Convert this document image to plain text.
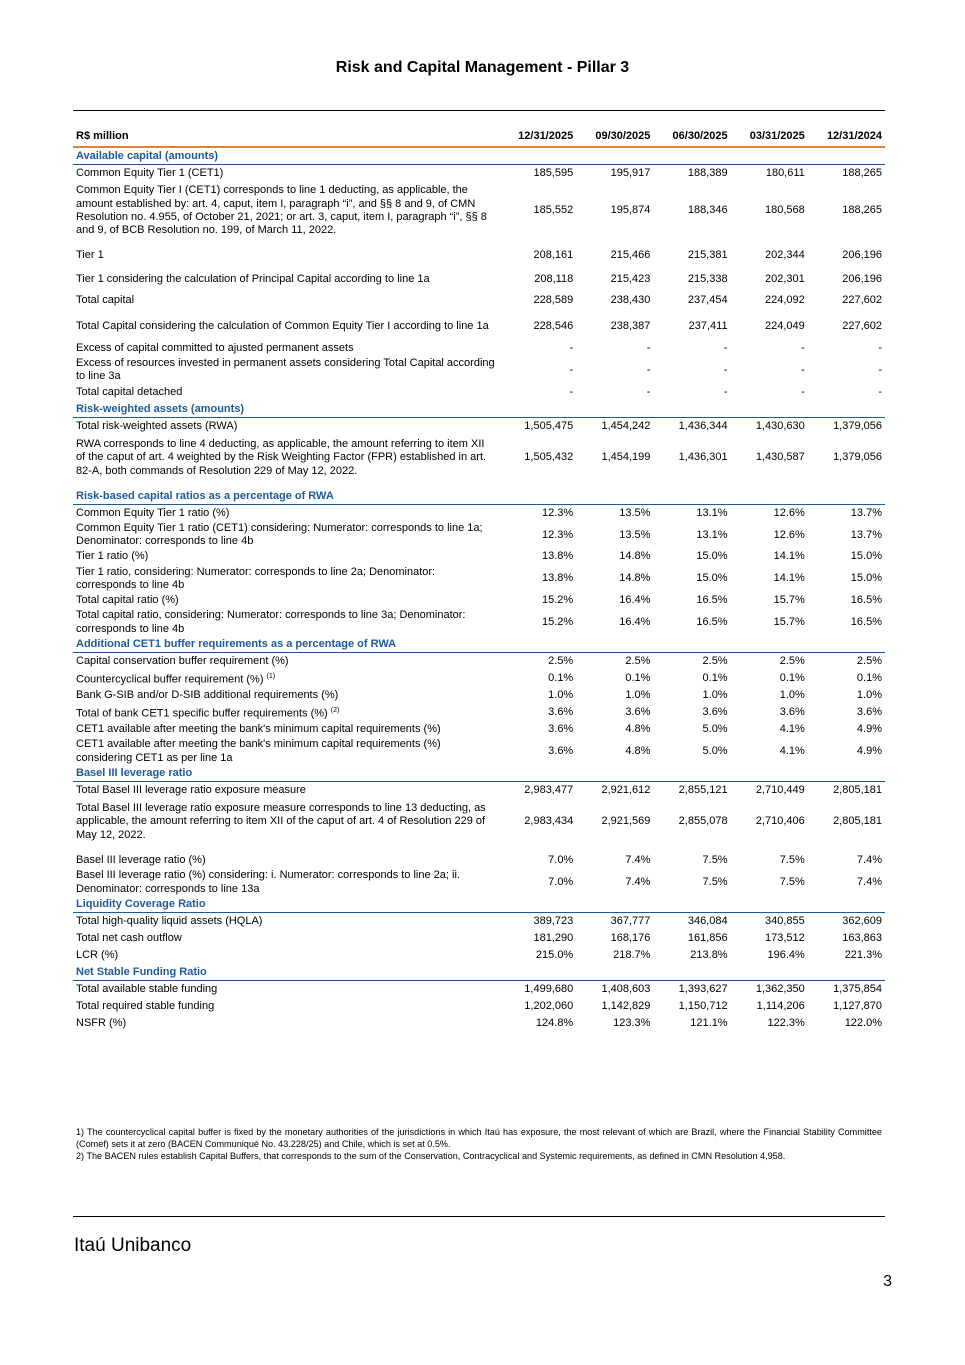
Risk and Capital Management - Pillar 3
R$ million	12/31/2025	09/30/2025	06/30/2025	03/31/2025	12/31/2024
Available capital (amounts)					
Common Equity Tier 1 (CET1)	185,595	195,917	188,389	180,611	188,265
Common Equity Tier I (CET1) corresponds to line 1 deducting, as applicable, the amount established by: art. 4, caput, item I, paragraph “i”, and §§ 8 and 9, of CMN Resolution no. 4.955, of October 21, 2021; or art. 3, caput, item I, paragraph “i”, §§ 8 and 9, of BCB Resolution no. 199, of March 11, 2022.	185,552	195,874	188,346	180,568	188,265

Tier 1	208,161	215,466	215,381	202,344	206,196

Tier 1 considering the calculation of Principal Capital according to line 1a	208,118	215,423	215,338	202,301	206,196
Total capital	228,589	238,430	237,454	224,092	227,602
Total Capital considering the calculation of Common Equity Tier I according to line 1a	228,546	238,387	237,411	224,049	227,602
Excess of capital committed to ajusted permanent assets	-	-	-	-	-
Excess of resources invested in permanent assets considering Total Capital according to line 3a	-	-	-	-	-
Total capital detached	-	-	-	-	-
Risk-weighted assets (amounts)					
Total risk-weighted assets (RWA)	1,505,475	1,454,242	1,436,344	1,430,630	1,379,056
RWA corresponds to line 4 deducting, as applicable, the amount referring to item XII of the caput of art. 4 weighted by the Risk Weighting Factor (FPR) established in art. 82-A, both commands of Resolution 229 of May 12, 2022.	1,505,432	1,454,199	1,436,301	1,430,587	1,379,056

Risk-based capital ratios as a percentage of RWA					
Common Equity Tier 1 ratio (%)	12.3%	13.5%	13.1%	12.6%	13.7%
Common Equity Tier 1 ratio (CET1) considering: Numerator: corresponds to line 1a; Denominator: corresponds to line 4b	12.3%	13.5%	13.1%	12.6%	13.7%
Tier 1 ratio (%)	13.8%	14.8%	15.0%	14.1%	15.0%
Tier 1 ratio, considering: Numerator: corresponds to line 2a; Denominator: corresponds to line 4b	13.8%	14.8%	15.0%	14.1%	15.0%
Total capital ratio (%)	15.2%	16.4%	16.5%	15.7%	16.5%
Total capital ratio, considering: Numerator: corresponds to line 3a; Denominator: corresponds to line 4b	15.2%	16.4%	16.5%	15.7%	16.5%
Additional CET1 buffer requirements as a percentage of RWA					
Capital conservation buffer requirement (%)	2.5%	2.5%	2.5%	2.5%	2.5%
Countercyclical buffer requirement (%) $^{(1)}$	0.1%	0.1%	0.1%	0.1%	0.1%
Bank G-SIB and/or D-SIB additional requirements (%)	1.0%	1.0%	1.0%	1.0%	1.0%
Total of bank CET1 specific buffer requirements (%) $^{(2)}$	3.6%	3.6%	3.6%	3.6%	3.6%
CET1 available after meeting the bank's minimum capital requirements (%)	3.6%	4.8%	5.0%	4.1%	4.9%
CET1 available after meeting the bank's minimum capital requirements (%) considering CET1 as per line 1a	3.6%	4.8%	5.0%	4.1%	4.9%
Basel III leverage ratio					
Total Basel III leverage ratio exposure measure	2,983,477	2,921,612	2,855,121	2,710,449	2,805,181
Total Basel III leverage ratio exposure measure corresponds to line 13 deducting, as applicable, the amount referring to item XII of the caput of art. 4 of Resolution 229 of May 12, 2022.	2,983,434	2,921,569	2,855,078	2,710,406	2,805,181

Basel III leverage ratio (%)	7.0%	7.4%	7.5%	7.5%	7.4%
Basel III leverage ratio (%) considering: i. Numerator: corresponds to line 2a; ii. Denominator: corresponds to line 13a	7.0%	7.4%	7.5%	7.5%	7.4%
Liquidity Coverage Ratio					
Total high-quality liquid assets (HQLA)	389,723	367,777	346,084	340,855	362,609
Total net cash outflow	181,290	168,176	161,856	173,512	163,863
LCR (%)	215.0%	218.7%	213.8%	196.4%	221.3%
Net Stable Funding Ratio					
Total available stable funding	1,499,680	1,408,603	1,393,627	1,362,350	1,375,854
Total required stable funding	1,202,060	1,142,829	1,150,712	1,114,206	1,127,870
NSFR (%)	124.8%	123.3%	121.1%	122.3%	122.0%

1) The countercyclical capital buffer is fixed by the monetary authorities of the jurisdictions in which Itaú has exposure, the most relevant of which are Brazil, where the Financial Stability Committee (Comef) sets it at zero (BACEN Communiqué No. 43.228/25) and Chile, which is set at 0.5%.

2) The BACEN rules establish Capital Buffers, that corresponds to the sum of the Conservation, Contracyclical and Systemic requirements, as defined in CMN Resolution 4,958.

Itaú Unibanco
3
